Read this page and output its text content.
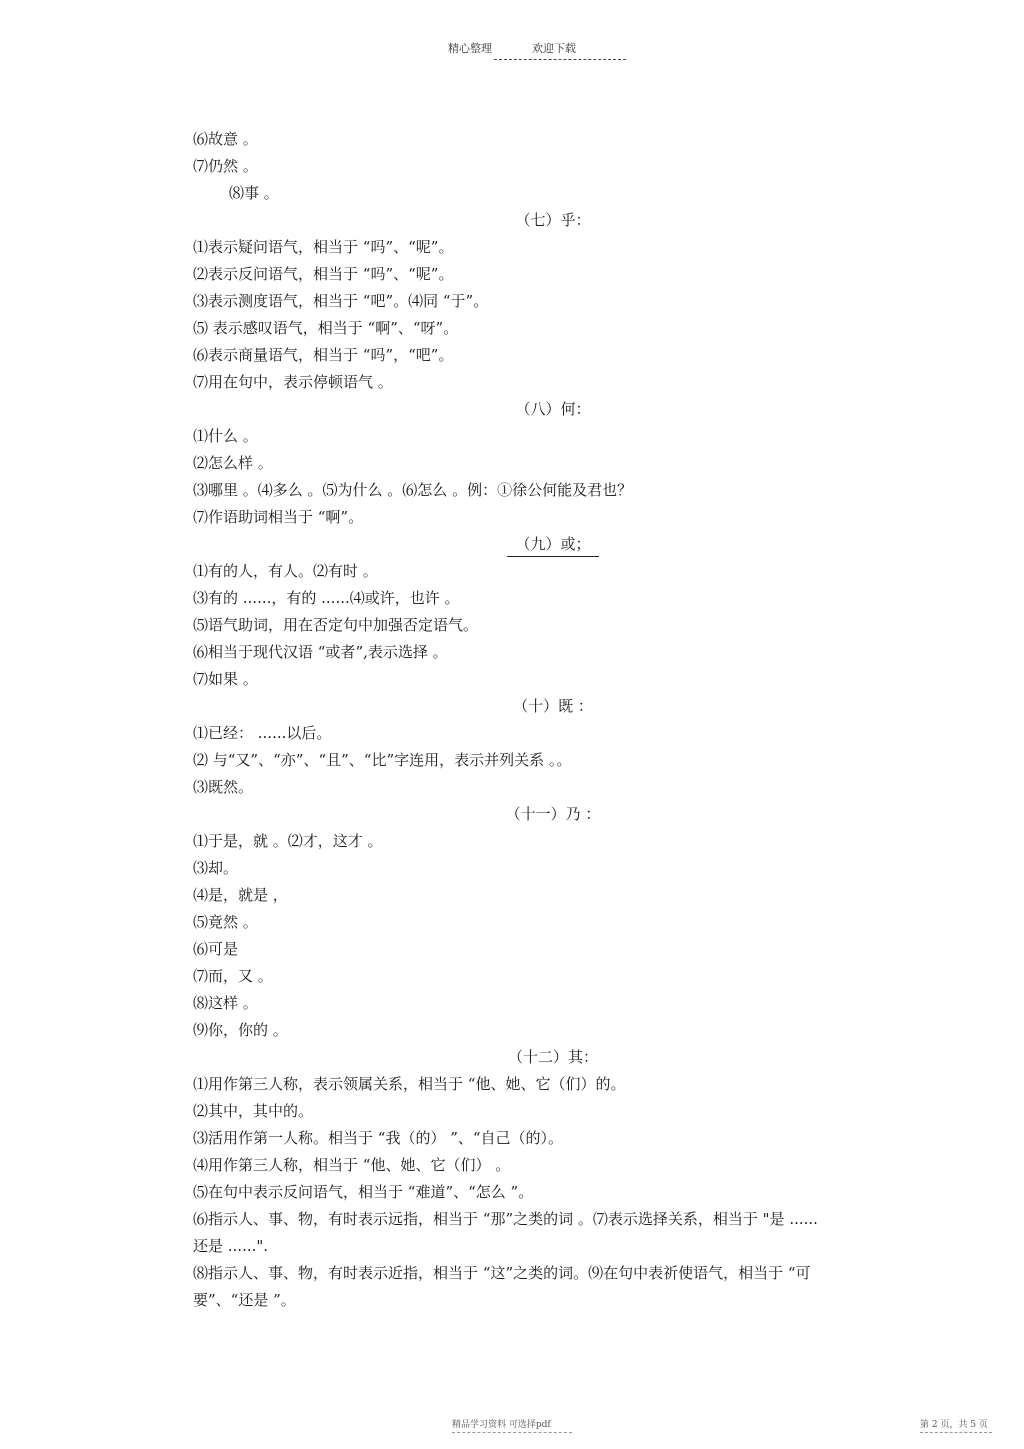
精心整理	欢迎下载
⑹故意 。
⑺仍然 。
⑻事 。
（七）乎：
⑴表示疑问语气，相当于 “吗”、“呢”。
⑵表示反问语气，相当于 “吗”、“呢”。
⑶表示测度语气，相当于 “吧”。⑷同 “于”。
⑸ 表示感叹语气，相当于 “啊”、“呀”。
⑹表示商量语气，相当于 “吗”，“吧”。
⑺用在句中，表示停顿语气 。
（八）何：
⑴什么 。
⑵怎么样 。
⑶哪里 。⑷多么 。⑸为什么 。⑹怎么 。例：①徐公何能及君也？
⑺作语助词相当于 “啊”。
（九）或；
⑴有的人，有人。⑵有时 。
⑶有的 ......，有的 ......⑷或许，也许 。
⑸语气助词，用在否定句中加强否定语气。
⑹相当于现代汉语 “或者”,表示选择 。
⑺如果 。
（十）既 ：
⑴已经： ......以后。
⑵ 与“又”、“亦”、“且”、“比”字连用，表示并列关系 。。
⑶既然。
（十一）乃 ：
⑴于是，就 。⑵才，这才 。
⑶却。
⑷是，就是 ，
⑸竟然 。
⑹可是
⑺而，又 。
⑻这样 。
⑼你，你的 。
（十二）其：
⑴用作第三人称，表示领属关系，相当于 “他、她、它（们）的。
⑵其中，其中的。
⑶活用作第一人称。相当于 “我（的） ”、“自己（的）。
⑷用作第三人称，相当于 “他、她、它（们） 。
⑸在句中表示反问语气，相当于 “难道”、“怎么 ”。
⑹指示人、事、物，有时表示远指，相当于 “那”之类的词 。⑺表示选择关系，相当于 "是 ......
还是 ......".
⑻指示人、事、物，有时表示近指，相当于 “这”之类的词。⑼在句中表祈使语气，相当于 “可
要”、“还是 ”。
精品学习资料 可选择pdf	第 2 页，共 5 页
